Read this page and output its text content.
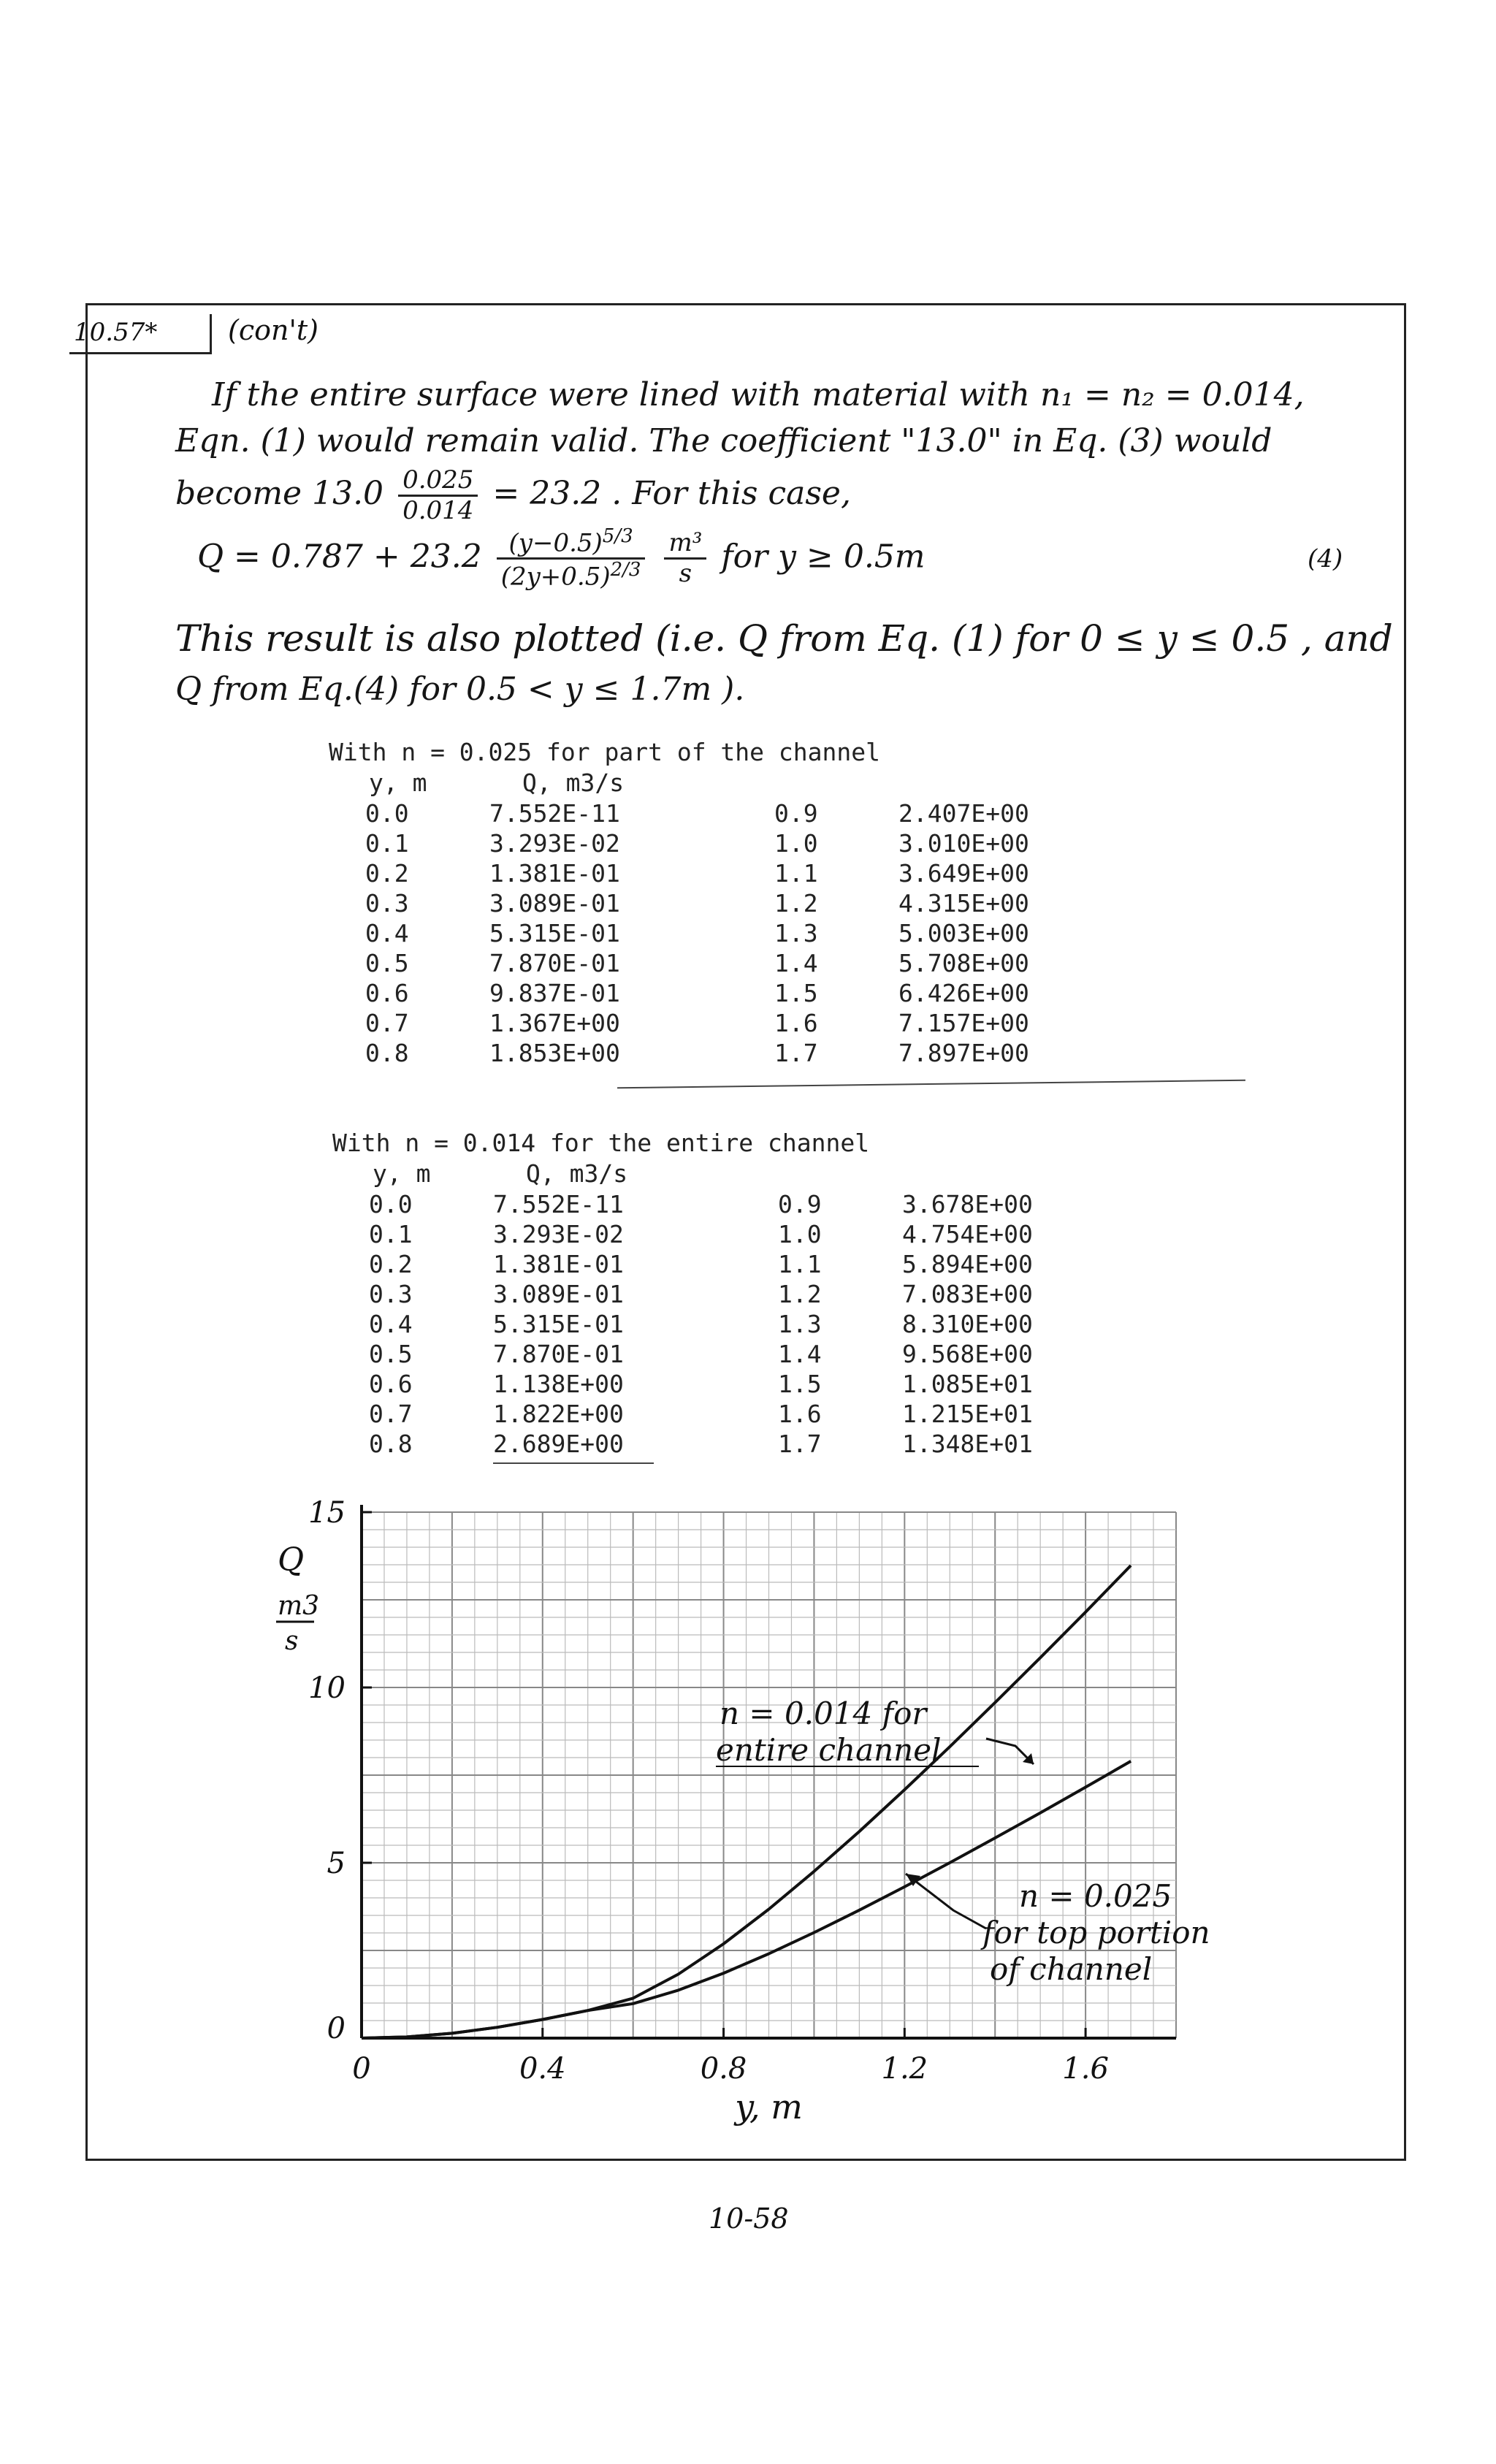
10.57*	(con't)
If the entire surface were lined with material with n₁ = n₂ = 0.014,
Eqn. (1) would remain valid. The coefficient "13.0" in Eq. (3) would
become $13.0 \frac{0.025}{0.014} = 23.2$ . For this case,
$Q = 0.787 + 23.2 \frac{(y-0.5)^{5/3}}{(2y+0.5)^{2/3}}$
$\frac{\text{m³}}{s}$ for y ≥ 0.5m	(4)
This result is also plotted (i.e. Q from Eq. (1) for 0 ≤ y ≤ 0.5 , and
Q from Eq.(4) for 0.5 < y ≤ 1.7m ).
With n = 0.025 for part of the channel
y, m	Q, m3/s
0.0	7.552E-11	0.9	2.407E+00
0.1	3.293E-02	1.0	3.010E+00
0.2	1.381E-01	1.1	3.649E+00
0.3	3.089E-01	1.2	4.315E+00
0.4	5.315E-01	1.3	5.003E+00
0.5	7.870E-01	1.4	5.708E+00
0.6	9.837E-01	1.5	6.426E+00
0.7	1.367E+00	1.6	7.157E+00
0.8	1.853E+00	1.7	7.897E+00
With n = 0.014 for the entire channel
y, m	Q, m3/s
0.0	7.552E-11	0.9	3.678E+00
0.1	3.293E-02	1.0	4.754E+00
0.2	1.381E-01	1.1	5.894E+00
0.3	3.089E-01	1.2	7.083E+00
0.4	5.315E-01	1.3	8.310E+00
0.5	7.870E-01	1.4	9.568E+00
0.6	1.138E+00	1.5	1.085E+01
0.7	1.822E+00	1.6	1.215E+01
0.8	2.689E+00	1.7	1.348E+01
0	0.4	0.8	1.2	1.6
0
5
10
15
y, m
Q
m3
s
n = 0.014 for
entire channel
n = 0.025
for top portion
of channel
10-58
